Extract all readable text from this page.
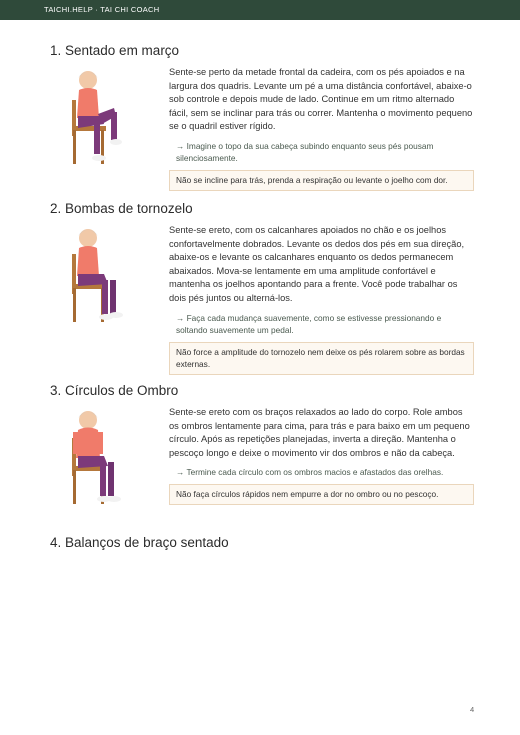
TAICHI.HELP · TAI CHI COACH
1. Sentado em março

Sente-se perto da metade frontal da cadeira, com os pés apoiados e na largura dos quadris. Levante um pé a uma distância confortável, abaixe-o sob controle e depois mude de lado. Continue em um ritmo alternado fácil, sem se inclinar para trás ou correr. Mantenha o movimento pequeno se o quadril estiver rígido.

→ Imagine o topo da sua cabeça subindo enquanto seus pés pousam silenciosamente.

Não se incline para trás, prenda a respiração ou levante o joelho com dor.

2. Bombas de tornozelo

Sente-se ereto, com os calcanhares apoiados no chão e os joelhos confortavelmente dobrados. Levante os dedos dos pés em sua direção, abaixe-os e levante os calcanhares enquanto os dedos permanecem abaixados. Mova-se lentamente em uma amplitude confortável e mantenha os joelhos apontando para a frente. Você pode trabalhar os dois pés juntos ou alterná-los.

→ Faça cada mudança suavemente, como se estivesse pressionando e soltando suavemente um pedal.

Não force a amplitude do tornozelo nem deixe os pés rolarem sobre as bordas externas.

3. Círculos de Ombro

Sente-se ereto com os braços relaxados ao lado do corpo. Role ambos os ombros lentamente para cima, para trás e para baixo em um pequeno círculo. Após as repetições planejadas, inverta a direção. Mantenha o pescoço longo e deixe o movimento vir dos ombros e não da cabeça.

→ Termine cada círculo com os ombros macios e afastados das orelhas.

Não faça círculos rápidos nem empurre a dor no ombro ou no pescoço.

4. Balanços de braço sentado
4
